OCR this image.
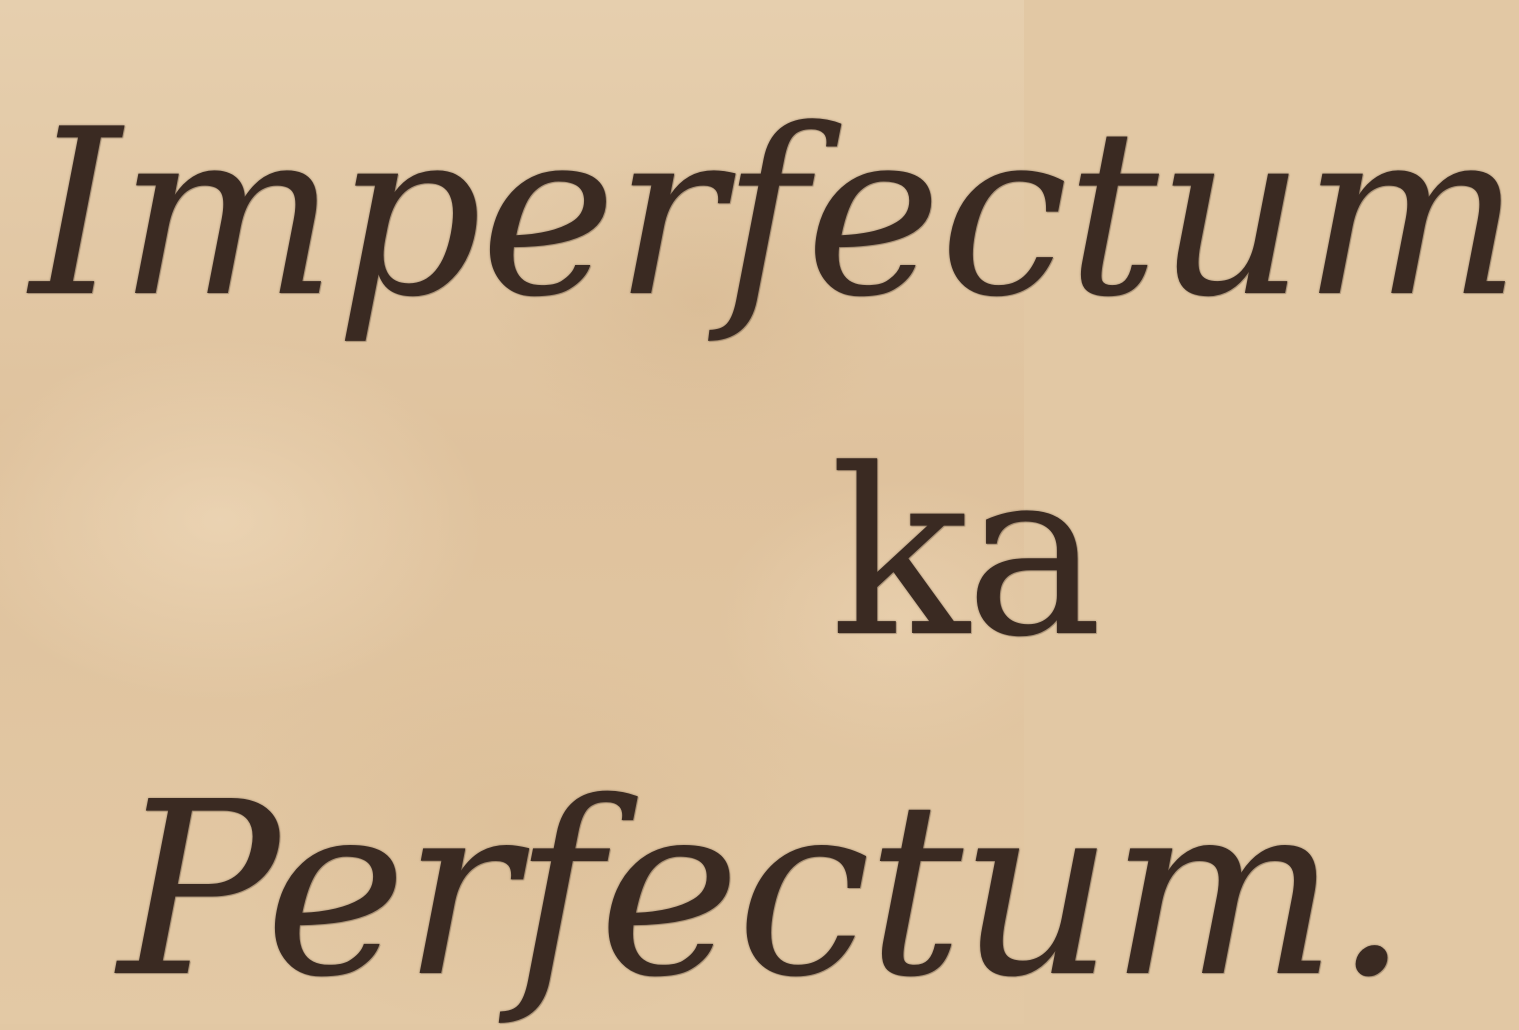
Imperfectum
ka
Perfectum.
